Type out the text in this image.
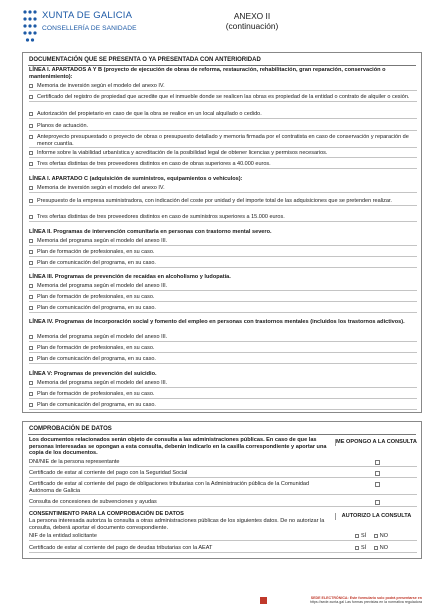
XUNTA DE GALICIA
CONSELLERÍA DE SANIDADE
ANEXO II
(continuación)
DOCUMENTACIÓN QUE SE PRESENTA O YA PRESENTADA CON ANTERIORIDAD
LÍNEA I. APARTADOS A Y B (proyecto de ejecución de obras de reforma, restauración, rehabilitación, gran reparación, conservación o mantenimiento):
Memoria de inversión según el modelo del anexo IV.
Certificado del registro de propiedad que acredite que el inmueble donde se realicen las obras es propiedad de la entidad o contrato de alquiler o cesión.
Autorización del propietario en caso de que la obra se realice en un local alquilado o cedido.
Planos de actuación.
Anteproyecto presupuestado o proyecto de obras o presupuesto detallado y memoria firmada por el contratista en caso de conservación y reparación de menor cuantía.
Informe sobre la viabilidad urbanística y acreditación de la posibilidad legal de obtener licencias y permisos necesarios.
Tres ofertas distintas de tres proveedores distintos en caso de obras superiores a 40.000 euros.
LÍNEA I. APARTADO C (adquisición de suministros, equipamientos o vehículos):
Memoria de inversión según el modelo del anexo IV.
Presupuesto de la empresa suministradora, con indicación del coste por unidad y del importe total de las adquisiciones que se pretenden realizar.
Tres ofertas distintas de tres proveedores distintos en caso de suministros superiores a 15.000 euros.
LÍNEA II. Programas de intervención comunitaria en personas con trastorno mental severo.
Memoria del programa según el modelo del anexo III.
Plan de formación de profesionales, en su caso.
Plan de comunicación del programa, en su caso.
LÍNEA III. Programas de prevención de recaídas en alcoholismo y ludopatía.
Memoria del programa según el modelo del anexo III.
Plan de formación de profesionales, en su caso.
Plan de comunicación del programa, en su caso.
LÍNEA IV. Programas de incorporación social y fomento del empleo en personas con trastornos mentales (incluidos los trastornos adictivos).
Memoria del programa según el modelo del anexo III.
Plan de formación de profesionales, en su caso.
Plan de comunicación del programa, en su caso.
LÍNEA V: Programas de prevención del suicidio.
Memoria del programa según el modelo del anexo III.
Plan de formación de profesionales, en su caso.
Plan de comunicación del programa, en su caso.
COMPROBACIÓN DE DATOS
Los documentos relacionados serán objeto de consulta a las administraciones públicas. En caso de que las personas interesadas se opongan a esta consulta, deberán indicarlo en la casilla correspondiente y aportar una copia de los documentos.
ME OPONGO A LA CONSULTA
DNI/NIE de la persona representante
Certificado de estar al corriente del pago con la Seguridad Social
Certificado de estar al corriente del pago de obligaciones tributarias con la Administración pública de la Comunidad Autónoma de Galicia
Consulta de concesiones de subvenciones y ayudas
CONSENTIMIENTO PARA LA COMPROBACIÓN DE DATOS
La persona interesada autoriza la consulta a otras administraciones públicas de los siguientes datos. De no autorizar la consulta, deberá aportar el documento correspondiente.
AUTORIZO LA CONSULTA
NIF de la entidad solicitante	SÍ NO
Certificado de estar al corriente del pago de deudas tributarias con la AEAT	SÍ NO
SEDE ELECTRÓNICA: Este formulario solo podrá presentarse en
https://sede.xunta.gal Las formas previstas en la normativa reguladora
